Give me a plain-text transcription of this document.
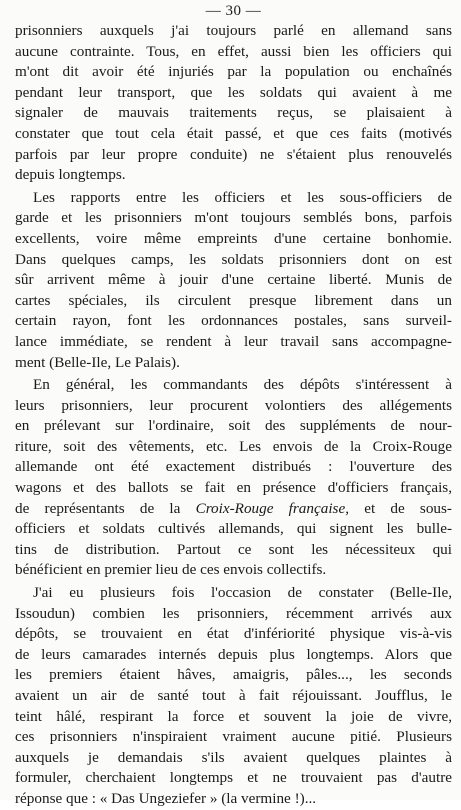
— 30 —
prisonniers auxquels j'ai toujours parlé en allemand sans
aucune contrainte. Tous, en effet, aussi bien les officiers qui
m'ont dit avoir été injuriés par la population ou enchaînés
pendant leur transport, que les soldats qui avaient à me
signaler de mauvais traitements reçus, se plaisaient à
constater que tout cela était passé, et que ces faits (motivés
parfois par leur propre conduite) ne s'étaient plus renouvelés
depuis longtemps.
Les rapports entre les officiers et les sous-officiers de
garde et les prisonniers m'ont toujours semblés bons, parfois
excellents, voire même empreints d'une certaine bonhomie.
Dans quelques camps, les soldats prisonniers dont on est
sûr arrivent même à jouir d'une certaine liberté. Munis de
cartes spéciales, ils circulent presque librement dans un
certain rayon, font les ordonnances postales, sans surveil-
lance immédiate, se rendent à leur travail sans accompagne-
ment (Belle-Ile, Le Palais).
En général, les commandants des dépôts s'intéressent à
leurs prisonniers, leur procurent volontiers des allégements
en prélevant sur l'ordinaire, soit des suppléments de nour-
riture, soit des vêtements, etc. Les envois de la Croix-Rouge
allemande ont été exactement distribués : l'ouverture des
wagons et des ballots se fait en présence d'officiers français,
de représentants de la Croix-Rouge française, et de sous-
officiers et soldats cultivés allemands, qui signent les bulle-
tins de distribution. Partout ce sont les nécessiteux qui
bénéficient en premier lieu de ces envois collectifs.
J'ai eu plusieurs fois l'occasion de constater (Belle-Ile,
Issoudun) combien les prisonniers, récemment arrivés aux
dépôts, se trouvaient en état d'infériorité physique vis-à-vis
de leurs camarades internés depuis plus longtemps. Alors que
les premiers étaient hâves, amaigris, pâles..., les seconds
avaient un air de santé tout à fait réjouissant. Joufflus, le
teint hâlé, respirant la force et souvent la joie de vivre,
ces prisonniers n'inspiraient vraiment aucune pitié. Plusieurs
auxquels je demandais s'ils avaient quelques plaintes à
formuler, cherchaient longtemps et ne trouvaient pas d'autre
réponse que : « Das Ungeziefer » (la vermine !)...
